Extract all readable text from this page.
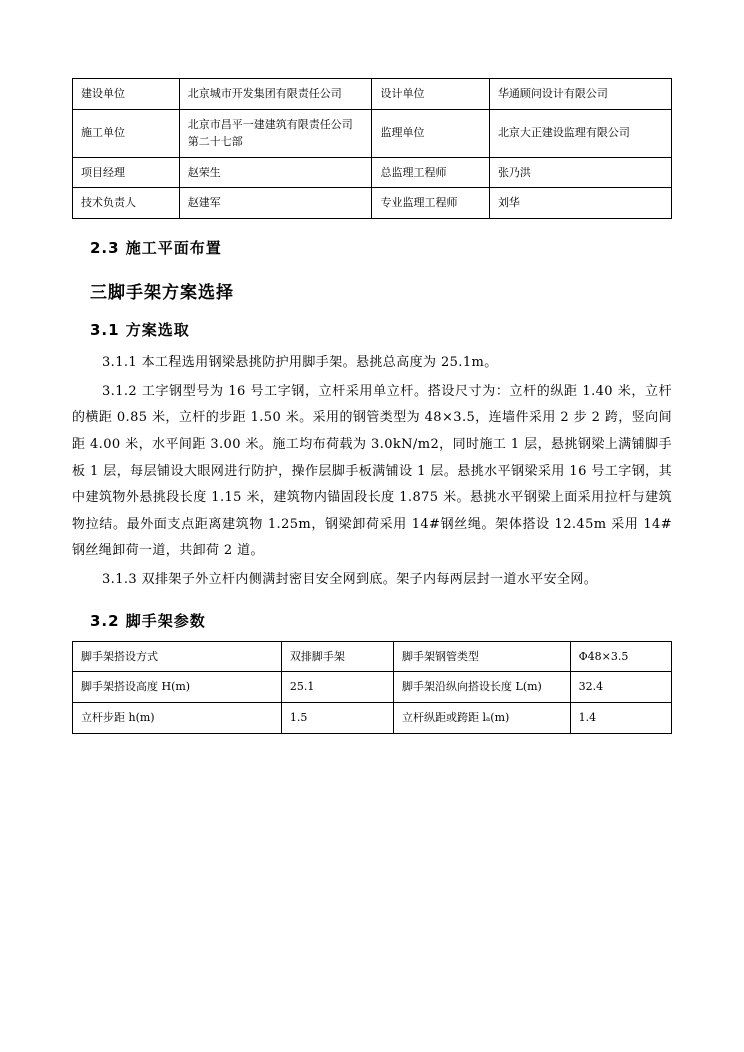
建设单位	北京城市开发集团有限责任公司	设计单位	华通顾问设计有限公司
施工单位	北京市昌平一建建筑有限责任公司第二十七部	监理单位	北京大正建设监理有限公司
项目经理	赵荣生	总监理工程师	张乃洪
技术负责人	赵建军	专业监理工程师	刘华
2.3 施工平面布置
三脚手架方案选择
3.1 方案选取

3.1.1 本工程选用钢梁悬挑防护用脚手架。悬挑总高度为 25.1m。

3.1.2 工字钢型号为 16 号工字钢，立杆采用单立杆。搭设尺寸为：立杆的纵距 1.40 米，立杆的横距 0.85 米，立杆的步距 1.50 米。采用的钢管类型为 48×3.5，连墙件采用 2 步 2 跨，竖向间距 4.00 米，水平间距 3.00 米。施工均布荷载为 3.0kN/m2，同时施工 1 层，悬挑钢梁上满铺脚手板 1 层，每层铺设大眼网进行防护，操作层脚手板满铺设 1 层。悬挑水平钢梁采用 16 号工字钢，其中建筑物外悬挑段长度 1.15 米，建筑物内锚固段长度 1.875 米。悬挑水平钢梁上面采用拉杆与建筑物拉结。最外面支点距离建筑物 1.25m，钢梁卸荷采用 14#钢丝绳。架体搭设 12.45m 采用 14#钢丝绳卸荷一道，共卸荷 2 道。

3.1.3 双排架子外立杆内侧满封密目安全网到底。架子内每两层封一道水平安全网。

3.2 脚手架参数
脚手架搭设方式	双排脚手架	脚手架钢管类型	Φ48×3.5
脚手架搭设高度 H(m)	25.1	脚手架沿纵向搭设长度 L(m)	32.4
立杆步距 h(m)	1.5	立杆纵距或跨距 lₐ(m)	1.4
